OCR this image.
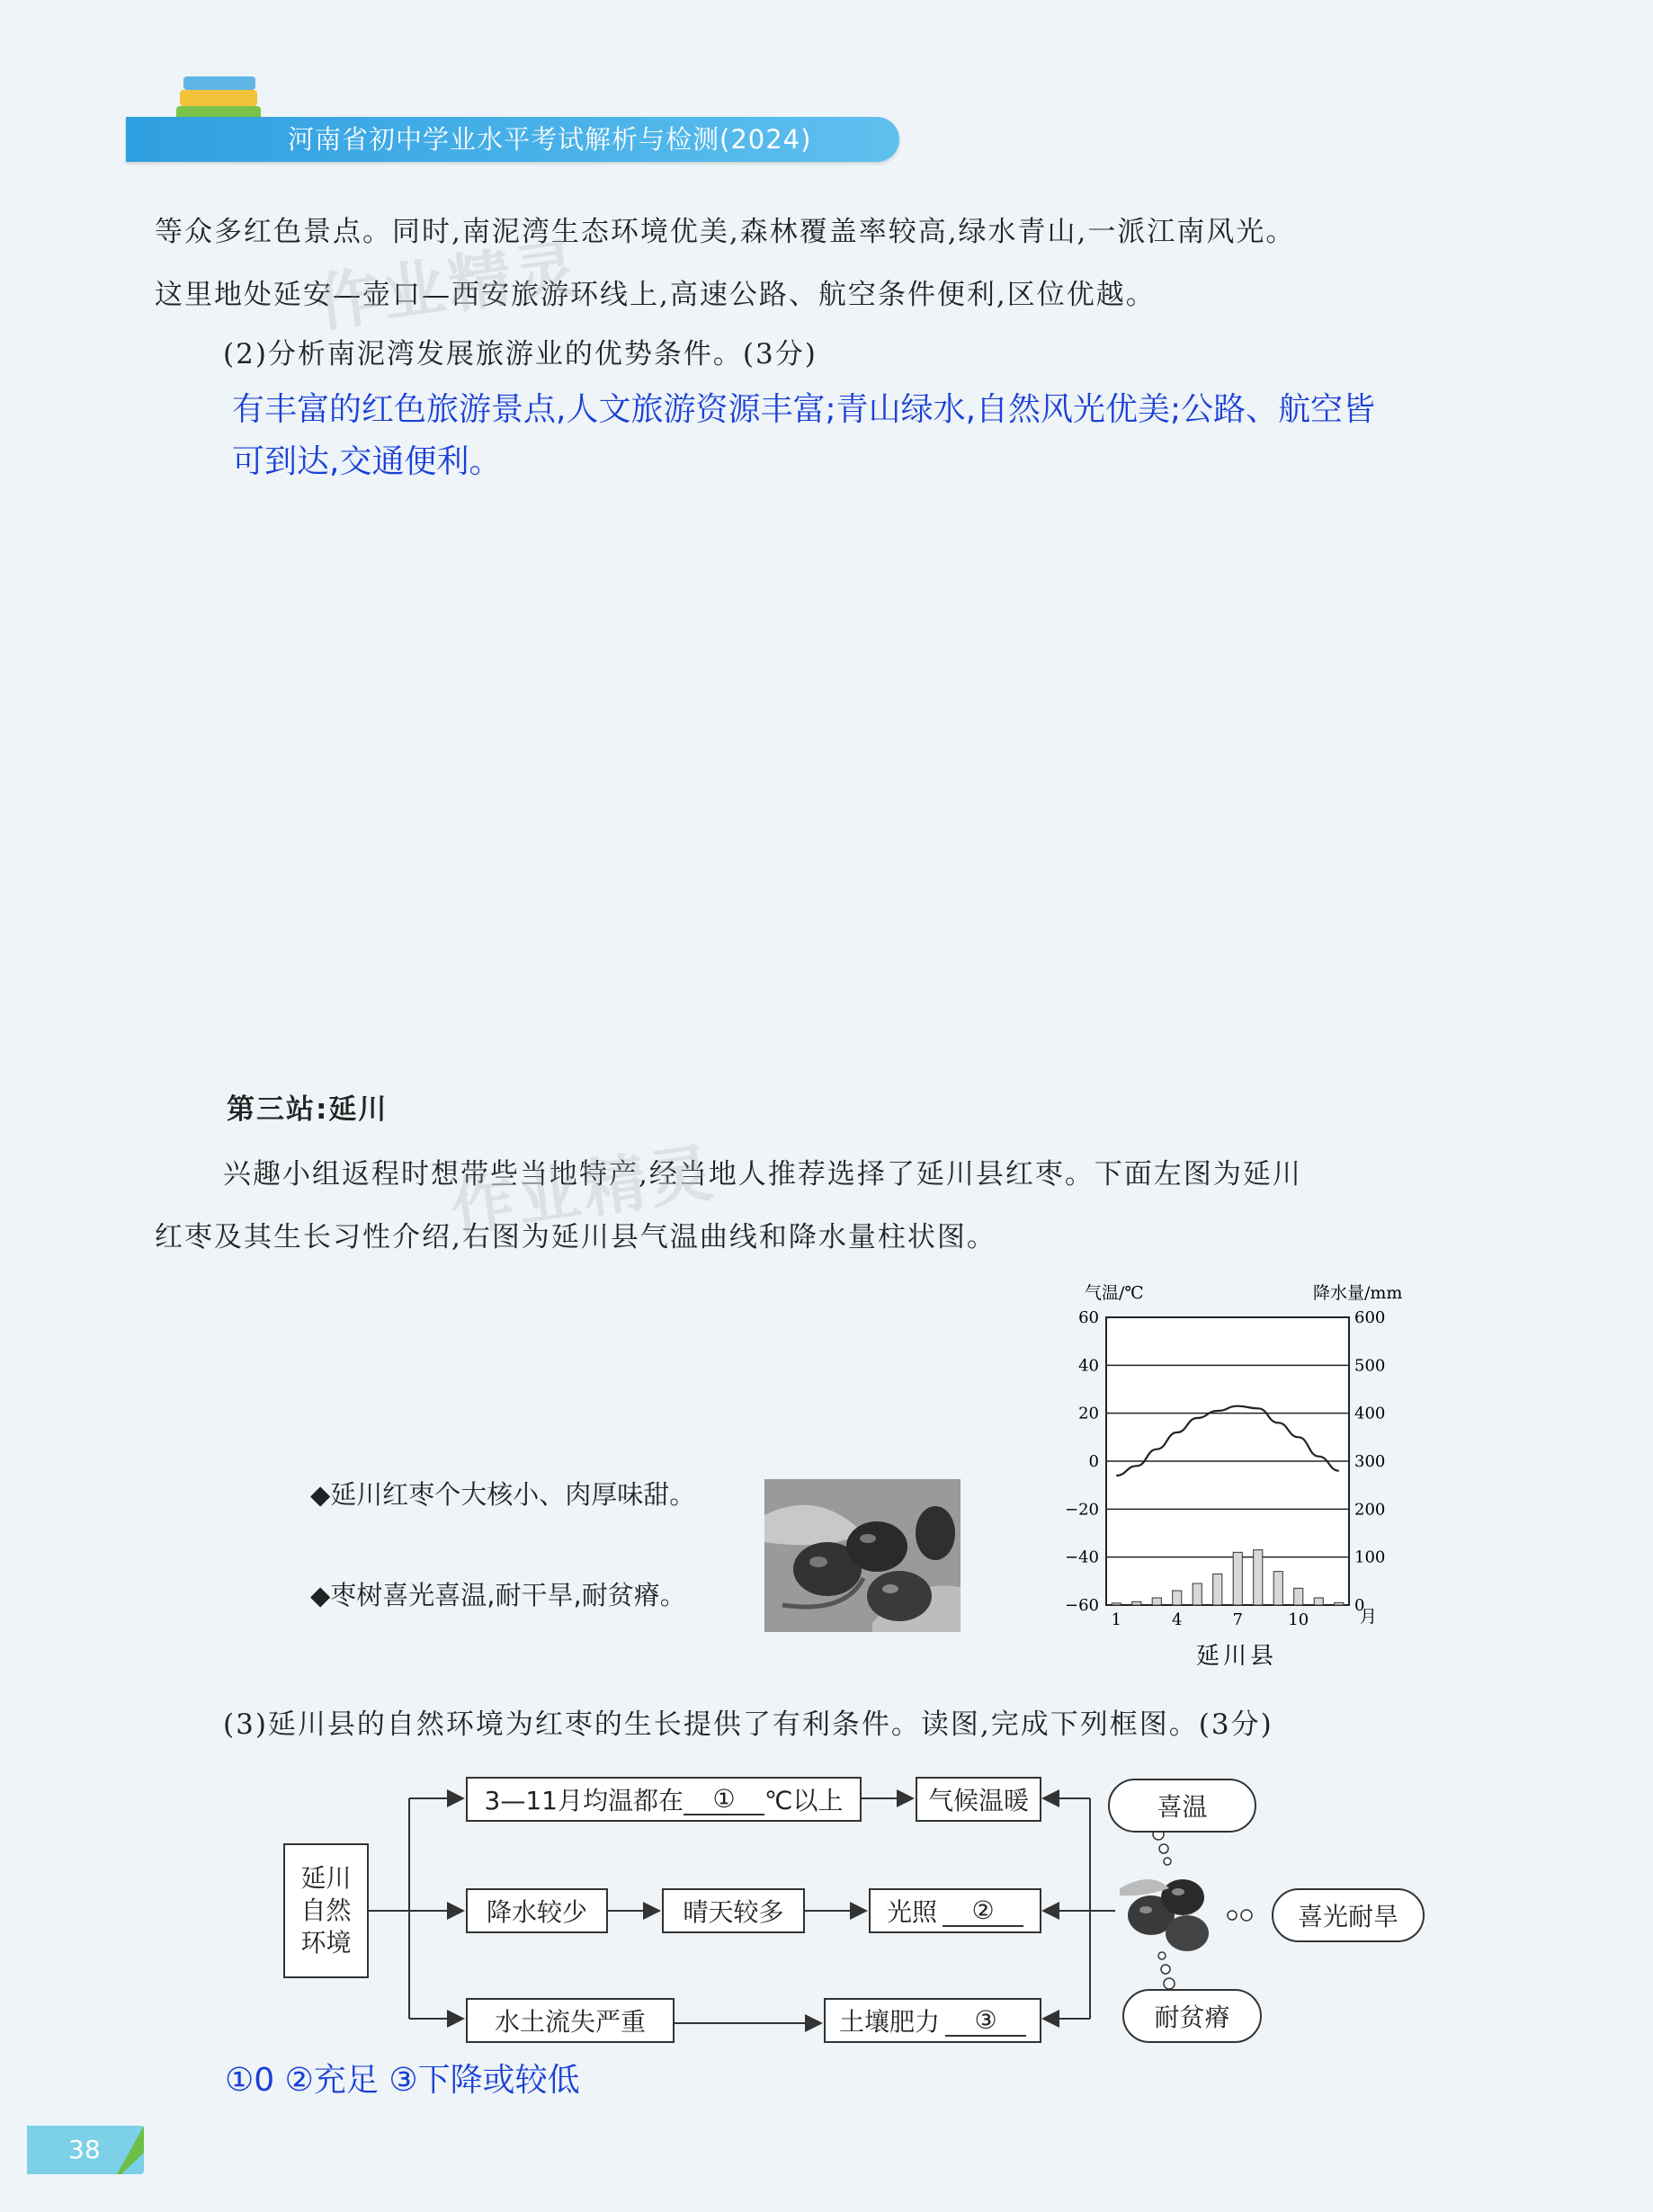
河南省初中学业水平考试解析与检测(2024)
等众多红色景点。同时,南泥湾生态环境优美,森林覆盖率较高,绿水青山,一派江南风光。
这里地处延安—壶口—西安旅游环线上,高速公路、航空条件便利,区位优越。
(2)分析南泥湾发展旅游业的优势条件。(3分)
有丰富的红色旅游景点,人文旅游资源丰富;青山绿水,自然风光优美;公路、航空皆
可到达,交通便利。
第三站:延川
兴趣小组返程时想带些当地特产,经当地人推荐选择了延川县红枣。下面左图为延川
红枣及其生长习性介绍,右图为延川县气温曲线和降水量柱状图。
◆延川红枣个大核小、肉厚味甜。
◆枣树喜光喜温,耐干旱,耐贫瘠。
气温/℃	降水量/mm
60
40
20
0
−20
−40
−60
600
500
400
300
200
100
0
1	4	7	10	月
延川县
(3)延川县的自然环境为红枣的生长提供了有利条件。读图,完成下列框图。(3分)
延川
自然
环境
3—11月均温都在	①	℃以上	气候温暖
降水较少	晴天较多	光照	②
水土流失严重	土壤肥力	③
喜温
喜光耐旱
耐贫瘠
①0 ②充足 ③下降或较低
作业精灵
作业精灵
38
